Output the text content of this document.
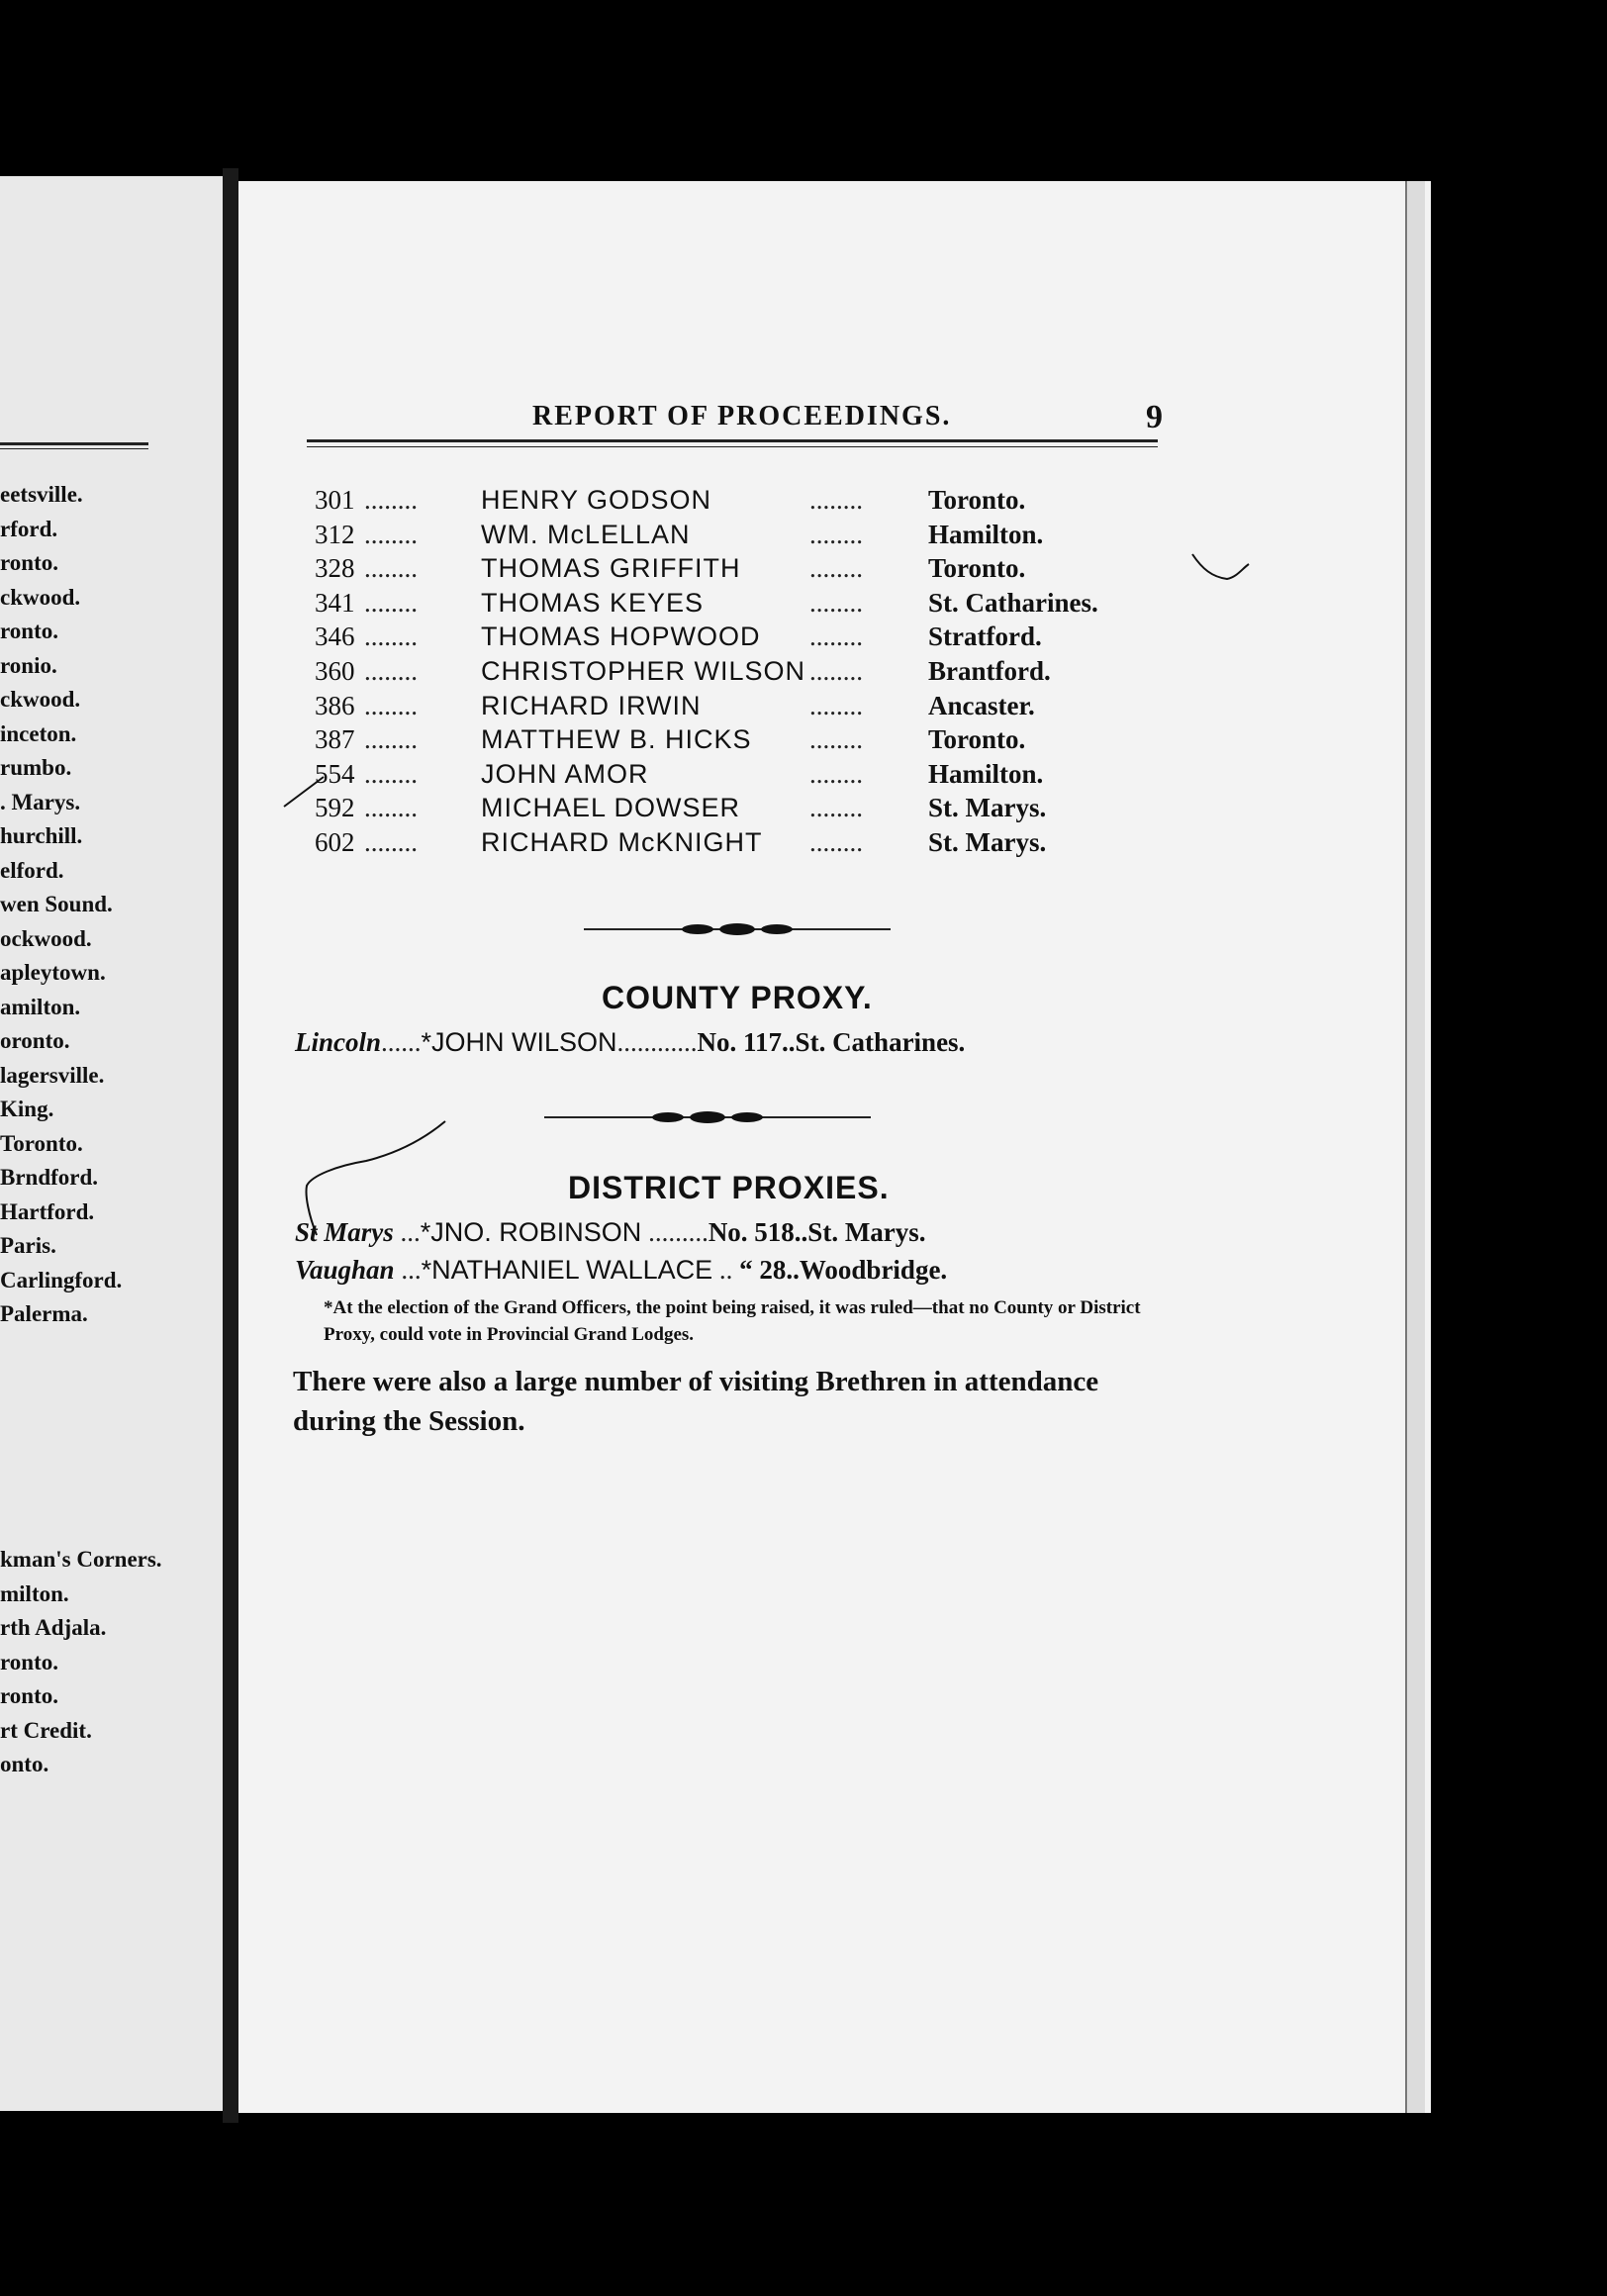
eetsville.
rford.
ronto.
ckwood.
ronto.
ronio.
ckwood.
inceton.
rumbo.
. Marys.
hurchill.
elford.
wen Sound.
ockwood.
apleytown.
amilton.
oronto.
lagersville.
King.
Toronto.
Brndford.
Hartford.
Paris.
Carlingford.
Palerma.
kman's Corners.
milton.
rth Adjala.
ronto.
ronto.
rt Credit.
onto.
REPORT OF PROCEEDINGS.	9
301 ........ HENRY GODSON	........ Toronto.
312 ........ WM. McLELLAN	........ Hamilton.
328 ........ THOMAS GRIFFITH	........ Toronto.
341 ........ THOMAS KEYES	........ St. Catharines.
346 ........ THOMAS HOPWOOD ........ Stratford.
360 ........ CHRISTOPHER WILSON ........ Brantford.
386 ........ RICHARD IRWIN	........ Ancaster.
387 ........ MATTHEW B. HICKS ........ Toronto.
554 ........ JOHN AMOR	........ Hamilton.
592 ........ MICHAEL DOWSER	........ St. Marys.
602 ........ RICHARD McKNIGHT ........ St. Marys.
COUNTY PROXY.
Lincoln......*JOHN WILSON............No. 117..St. Catharines.
DISTRICT PROXIES.
St Marys ...*JNO. ROBINSON .........No. 518..St. Marys.
Vaughan ...*NATHANIEL WALLACE .. “ 28..Woodbridge.
*At the election of the Grand Officers, the point being raised, it was ruled—that no County or District Proxy, could vote in Provincial Grand Lodges.
There were also a large number of visiting Brethren in attendance during the Session.
